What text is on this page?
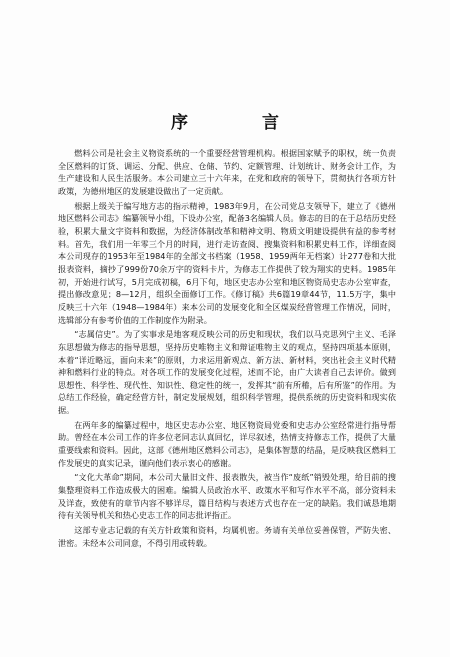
序 言

燃料公司是社会主义物资系统的一个重要经营管理机构。根据国家赋予的职权，统一负责全区燃料的订货、调运、分配、供应、仓储、节约、定额管理、计划统计、财务会计工作，为生产建设和人民生活服务。本公司建立三十六年来，在党和政府的领导下，贯彻执行各项方针政策，为德州地区的发展建设做出了一定贡献。

根据上级关于编写地方志的指示精神，1983年9月，在公司党总支领导下，建立了《德州地区燃料公司志》编纂领导小组，下设办公室，配备3名编辑人员。修志的目的在于总结历史经验，积累大量文字资料和数据，为经济体制改革和精神文明、物质文明建设提供有益的参考材料。首先，我们用一年零三个月的时间，进行走访查阅、搜集资料和积累史料工作，详细查阅本公司现存的1953年至1984年的全部文书档案（1958、1959两年无档案）计277卷和大批报表资料，摘抄了999份70余万字的资料卡片，为修志工作提供了较为翔实的史料。1985年初，开始进行试写，5月完成初稿，6月下旬，地区史志办公室和地区物资局史志办公室审查，提出修改意见；8—12月，组织全面修订工作。《修订稿》共6篇19章44节，11.5万字，集中反映三十六年（1948—1984年）来本公司的发展变化和全区煤炭经营管理工作情况，同时，选辑部分有参考价值的工作制度作为附录。

“志属信史”。为了实事求是地客观反映公司的历史和现状，我们以马克思列宁主义、毛泽东思想做为修志的指导思想，坚持历史唯物主义和辩证唯物主义的观点，坚持四项基本原则，本着“详近略远，面向未来”的原则，力求运用新观点、新方法、新材料，突出社会主义时代精神和燃料行业的特点。对各项工作的发展变化过程，述而不论，由广大读者自己去评价。做到思想性、科学性、现代性、知识性、稳定性的统一，发挥其“前有所稽，后有所鉴”的作用。为总结工作经验，确定经营方针，制定发展规划，组织科学管理，提供系统的历史资料和现实依据。

在两年多的编纂过程中，地区史志办公室、地区物资局党委和史志办公室经常进行指导帮助。曾经在本公司工作的许多位老同志认真回忆，详尽叙述，热情支持修志工作，提供了大量重要线索和资料。因此，这部《德州地区燃料公司志》，是集体智慧的结晶，是反映我区燃料工作发展史的真实记录，谨向他们表示衷心的感谢。

“文化大革命”期间，本公司大量旧文件、报表散失，被当作“废纸”销毁处理，给目前的搜集整理资料工作造成极大的困难。编辑人员政治水平、政策水平和写作水平不高，部分资料未及详查，致使有的章节内容不够详尽，篇目结构与表述方式也存在一定的缺陷。我们诚恳地期待有关领导机关和热心史志工作的同志批评指正。

这部专业志记载的有关方针政策和资料，均属机密。务请有关单位妥善保管，严防失密、泄密。未经本公司同意，不得引用或转载。
